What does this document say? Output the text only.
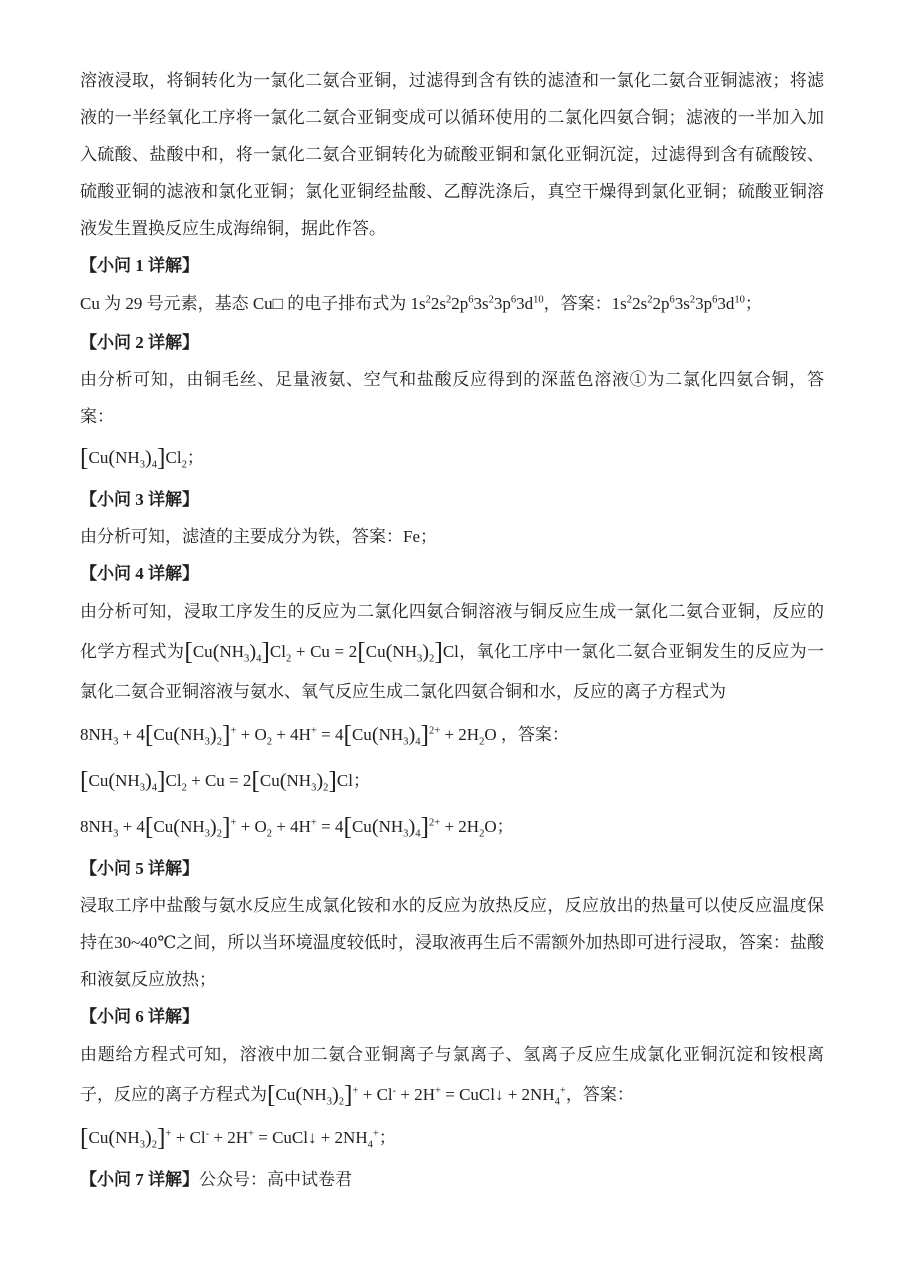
溶液浸取，将铜转化为一氯化二氨合亚铜，过滤得到含有铁的滤渣和一氯化二氨合亚铜滤液；将滤液的一半经氧化工序将一氯化二氨合亚铜变成可以循环使用的二氯化四氨合铜；滤液的一半加入加入硫酸、盐酸中和，将一氯化二氨合亚铜转化为硫酸亚铜和氯化亚铜沉淀，过滤得到含有硫酸铵、硫酸亚铜的滤液和氯化亚铜；氯化亚铜经盐酸、乙醇洗涤后，真空干燥得到氯化亚铜；硫酸亚铜溶液发生置换反应生成海绵铜，据此作答。

【小问 1 详解】

Cu 为 29 号元素，基态 Cu□ 的电子排布式为 $1s^22s^22p^63s^23p^63d^{10}$，答案：$1s^22s^22p^63s^23p^63d^{10}$；

【小问 2 详解】

由分析可知，由铜毛丝、足量液氨、空气和盐酸反应得到的深蓝色溶液①为二氯化四氨合铜，答案：

$[Cu(NH_3)_4]Cl_2$；

【小问 3 详解】

由分析可知，滤渣的主要成分为铁，答案：Fe；

【小问 4 详解】

由分析可知，浸取工序发生的反应为二氯化四氨合铜溶液与铜反应生成一氯化二氨合亚铜，反应的化学方程式为$[Cu(NH_3)_4]Cl_2 + Cu = 2[Cu(NH_3)_2]Cl$，氧化工序中一氯化二氨合亚铜发生的反应为一氯化二氨合亚铜溶液与氨水、氧气反应生成二氯化四氨合铜和水，反应的离子方程式为

$8NH_3 + 4[Cu(NH_3)_2]^+ + O_2 + 4H^+ = 4[Cu(NH_3)_4]^{2+} + 2H_2O$ ，答案：

$[Cu(NH_3)_4]Cl_2 + Cu = 2[Cu(NH_3)_2]Cl$；

$8NH_3 + 4[Cu(NH_3)_2]^+ + O_2 + 4H^+ = 4[Cu(NH_3)_4]^{2+} + 2H_2O$；

【小问 5 详解】

浸取工序中盐酸与氨水反应生成氯化铵和水的反应为放热反应，反应放出的热量可以使反应温度保持在30~40℃之间，所以当环境温度较低时，浸取液再生后不需额外加热即可进行浸取，答案：盐酸和液氨反应放热；

【小问 6 详解】

由题给方程式可知，溶液中加二氨合亚铜离子与氯离子、氢离子反应生成氯化亚铜沉淀和铵根离子，反应的离子方程式为$[Cu(NH_3)_2]^+ + Cl^- + 2H^+$ = CuCl↓ + $2NH_4^+$，答案：

$[Cu(NH_3)_2]^+ + Cl^- + 2H^+$ = CuCl↓ + $2NH_4^+$；

【小问 7 详解】公众号：高中试卷君
